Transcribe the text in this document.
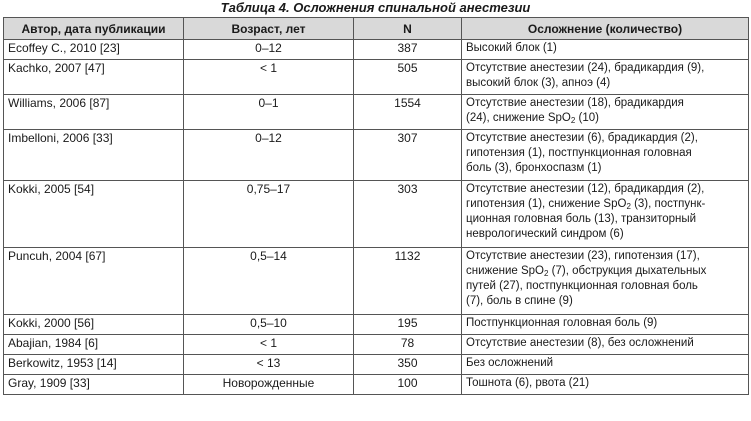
Таблица 4. Осложнения спинальной анестезии
Автор, дата публикации	Возраст, лет	N	Осложнение (количество)
Ecoffey C., 2010 [23]	0–12	387	Высокий блок (1)
Kachko, 2007 [47]	< 1	505	Отсутствие анестезии (24), брадикардия (9),
высокий блок (3), апноэ (4)
Williams, 2006 [87]	0–1	1554	Отсутствие анестезии (18), брадикардия
(24), снижение SpO$_2$ (10)
Imbelloni, 2006 [33]	0–12	307	Отсутствие анестезии (6), брадикардия (2),
гипотензия (1), постпункционная головная
боль (3), бронхоспазм (1)
Kokki, 2005 [54]	0,75–17	303	Отсутствие анестезии (12), брадикардия (2),
гипотензия (1), снижение SpO$_2$ (3), постпунк-
ционная головная боль (13), транзиторный
неврологический синдром (6)
Puncuh, 2004 [67]	0,5–14	1132	Отсутствие анестезии (23), гипотензия (17),
снижение SpO$_2$ (7), обструкция дыхательных
путей (27), постпункционная головная боль
(7), боль в спине (9)
Kokki, 2000 [56]	0,5–10	195	Постпункционная головная боль (9)
Abajian, 1984 [6]	< 1	78	Отсутствие анестезии (8), без осложнений
Berkowitz, 1953 [14]	< 13	350	Без осложнений
Gray, 1909 [33]	Новорожденные	100	Тошнота (6), рвота (21)
